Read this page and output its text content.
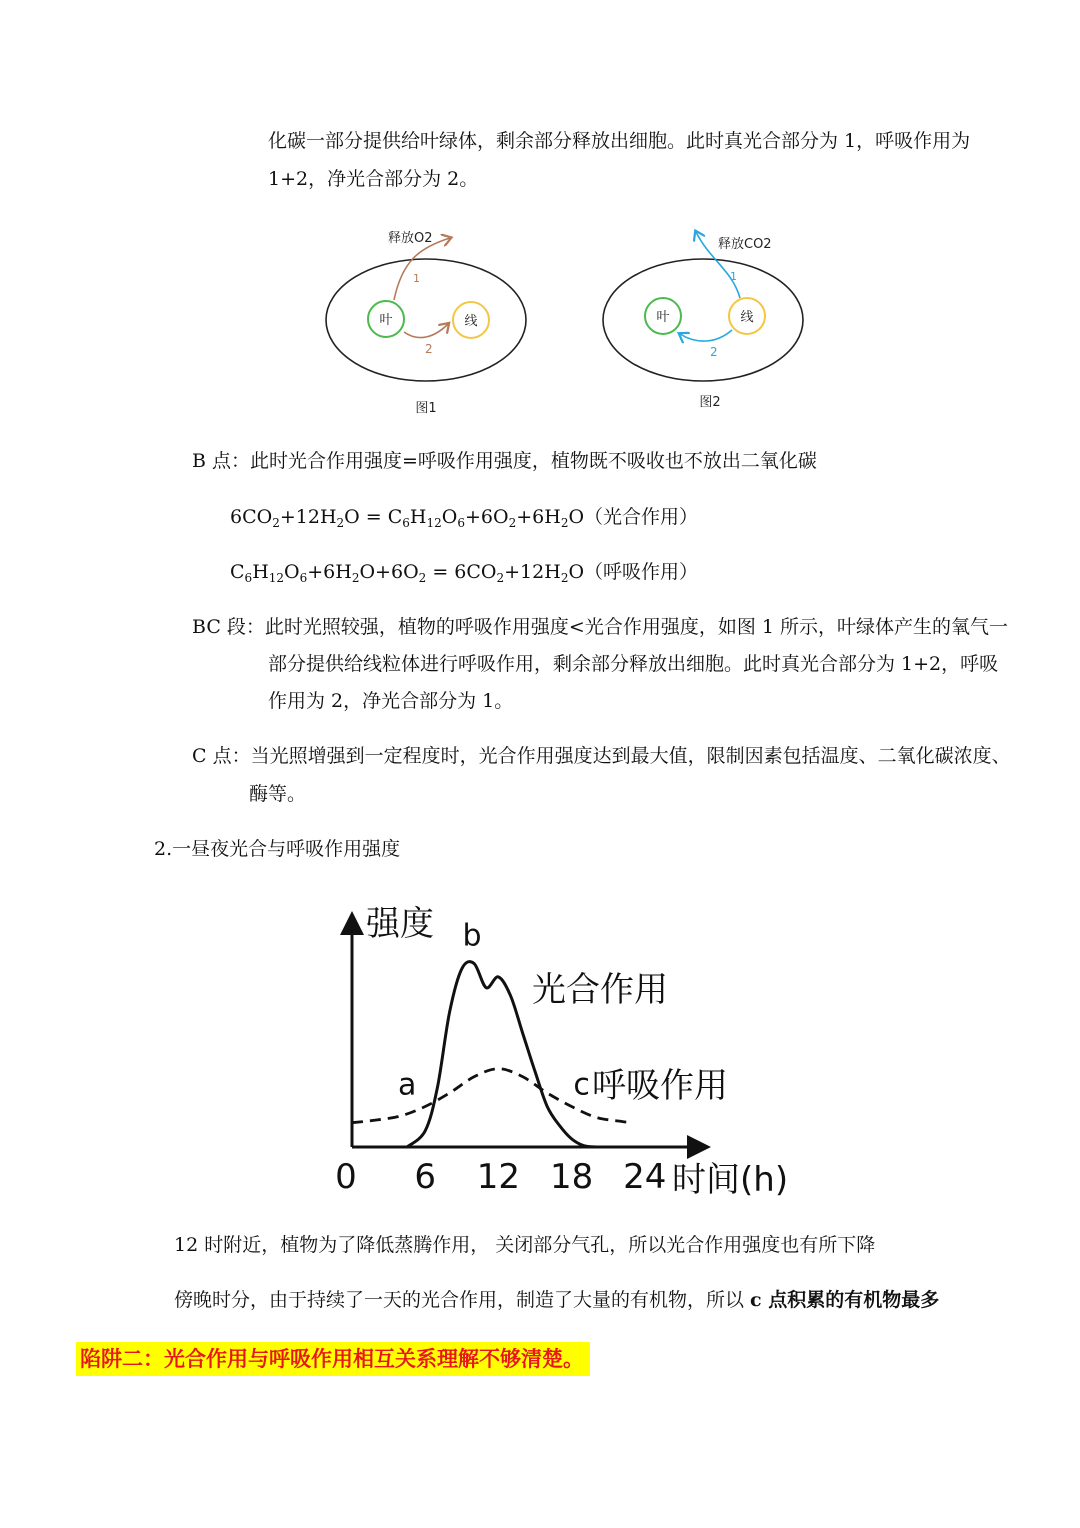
化碳一部分提供给叶绿体，剩余部分释放出细胞。此时真光合部分为 1，呼吸作用为
1+2，净光合部分为 2。
叶	线
1
2
释放O2
图1
叶	线
1
2
释放CO2
图2
B 点：此时光合作用强度=呼吸作用强度，植物既不吸收也不放出二氧化碳
$6CO_2+12H_2O = C_6H_{12}O_6+6O_2+6H_2O$（光合作用）
$C_6H_{12}O_6+6H_2O+6O_2 = 6CO_2+12H_2O$（呼吸作用）
BC 段：此时光照较强，植物的呼吸作用强度<光合作用强度，如图 1 所示，叶绿体产生的氧气一
部分提供给线粒体进行呼吸作用，剩余部分释放出细胞。此时真光合部分为 1+2，呼吸
作用为 2，净光合部分为 1。
C 点：当光照增强到一定程度时，光合作用强度达到最大值，限制因素包括温度、二氧化碳浓度、
酶等。
2.一昼夜光合与呼吸作用强度
强度
时间(h)
0 6 12 18 24
光合作用
呼吸作用
a
b
c
12 时附近，植物为了降低蒸腾作用， 关闭部分气孔，所以光合作用强度也有所下降
傍晚时分，由于持续了一天的光合作用，制造了大量的有机物，所以 c 点积累的有机物最多
陷阱二：光合作用与呼吸作用相互关系理解不够清楚。
